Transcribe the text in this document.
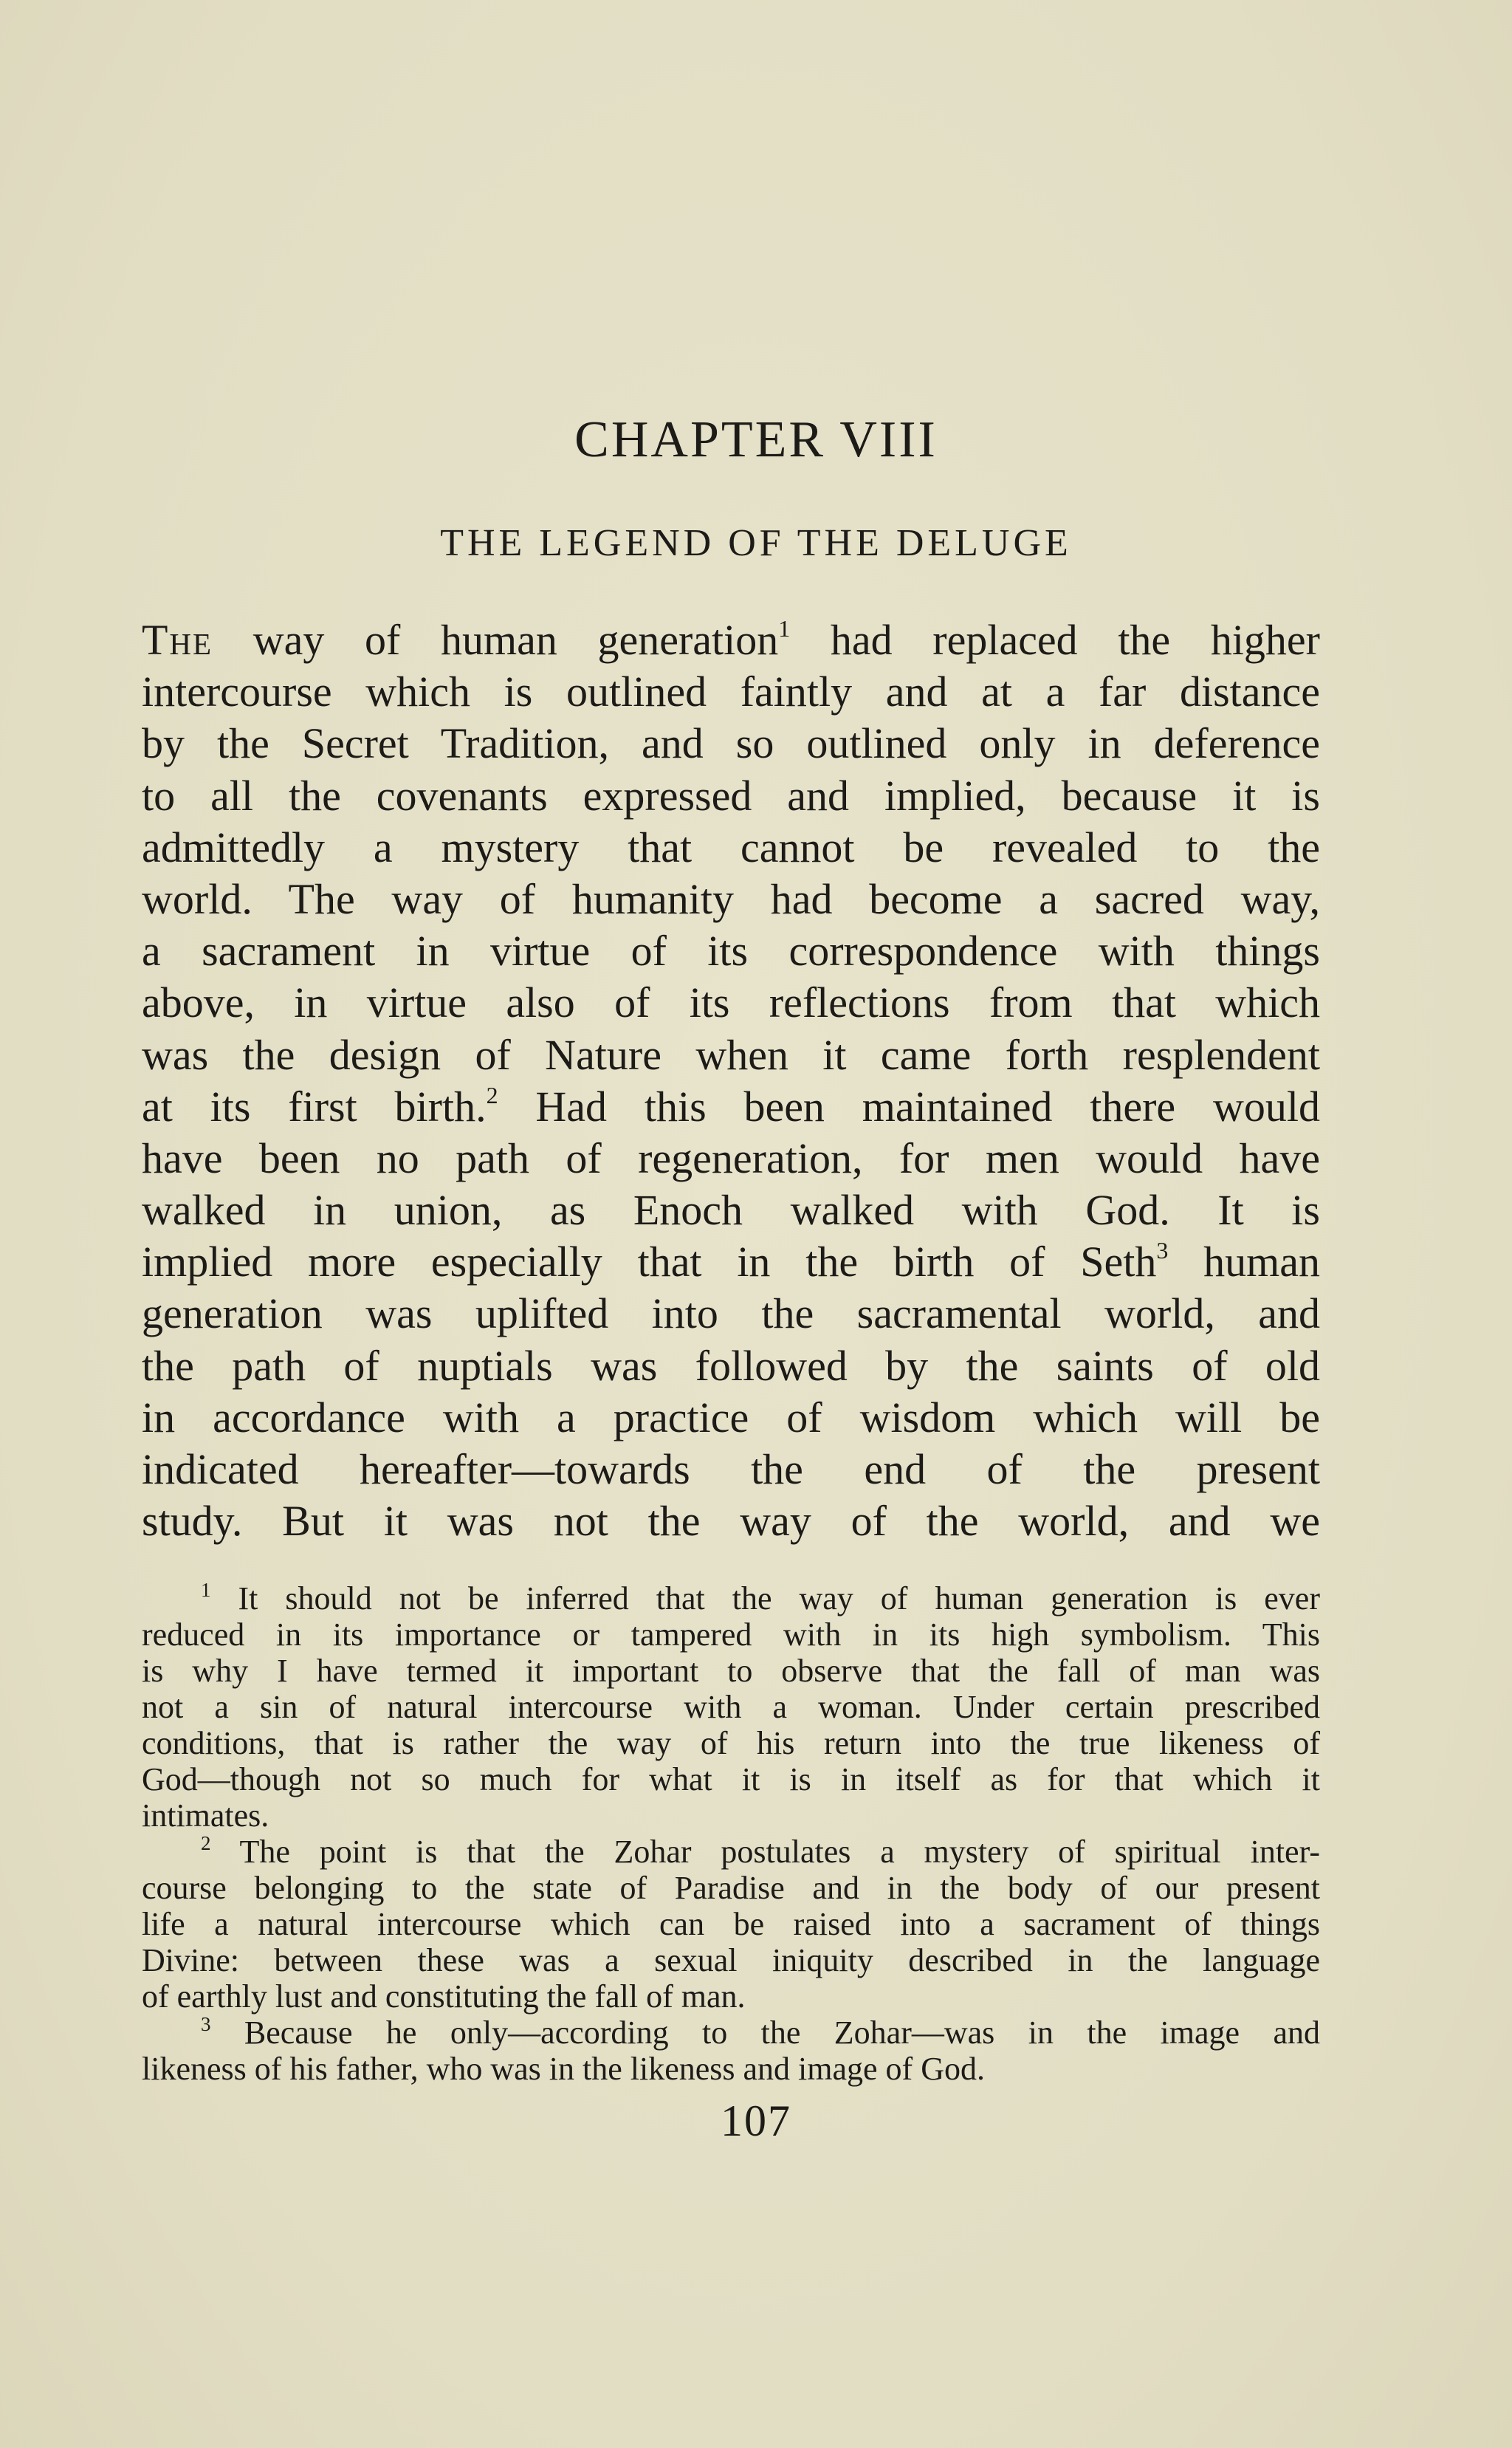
CHAPTER VIII
THE LEGEND OF THE DELUGE
The way of human generation$^1$ had replaced the higher
intercourse which is outlined faintly and at a far distance
by the Secret Tradition, and so outlined only in deference
to all the covenants expressed and implied, because it is
admittedly a mystery that cannot be revealed to the
world. The way of humanity had become a sacred way,
a sacrament in virtue of its correspondence with things
above, in virtue also of its reflections from that which
was the design of Nature when it came forth resplendent
at its first birth.$^2$ Had this been maintained there would
have been no path of regeneration, for men would have
walked in union, as Enoch walked with God. It is
implied more especially that in the birth of Seth$^3$ human
generation was uplifted into the sacramental world, and
the path of nuptials was followed by the saints of old
in accordance with a practice of wisdom which will be
indicated hereafter—towards the end of the present
study. But it was not the way of the world, and we
$^1$ It should not be inferred that the way of human generation is ever
reduced in its importance or tampered with in its high symbolism. This
is why I have termed it important to observe that the fall of man was
not a sin of natural intercourse with a woman. Under certain prescribed
conditions, that is rather the way of his return into the true likeness of
God—though not so much for what it is in itself as for that which it
intimates.
$^2$ The point is that the Zohar postulates a mystery of spiritual inter-
course belonging to the state of Paradise and in the body of our present
life a natural intercourse which can be raised into a sacrament of things
Divine: between these was a sexual iniquity described in the language
of earthly lust and constituting the fall of man.
$^3$ Because he only—according to the Zohar—was in the image and
likeness of his father, who was in the likeness and image of God.
107
